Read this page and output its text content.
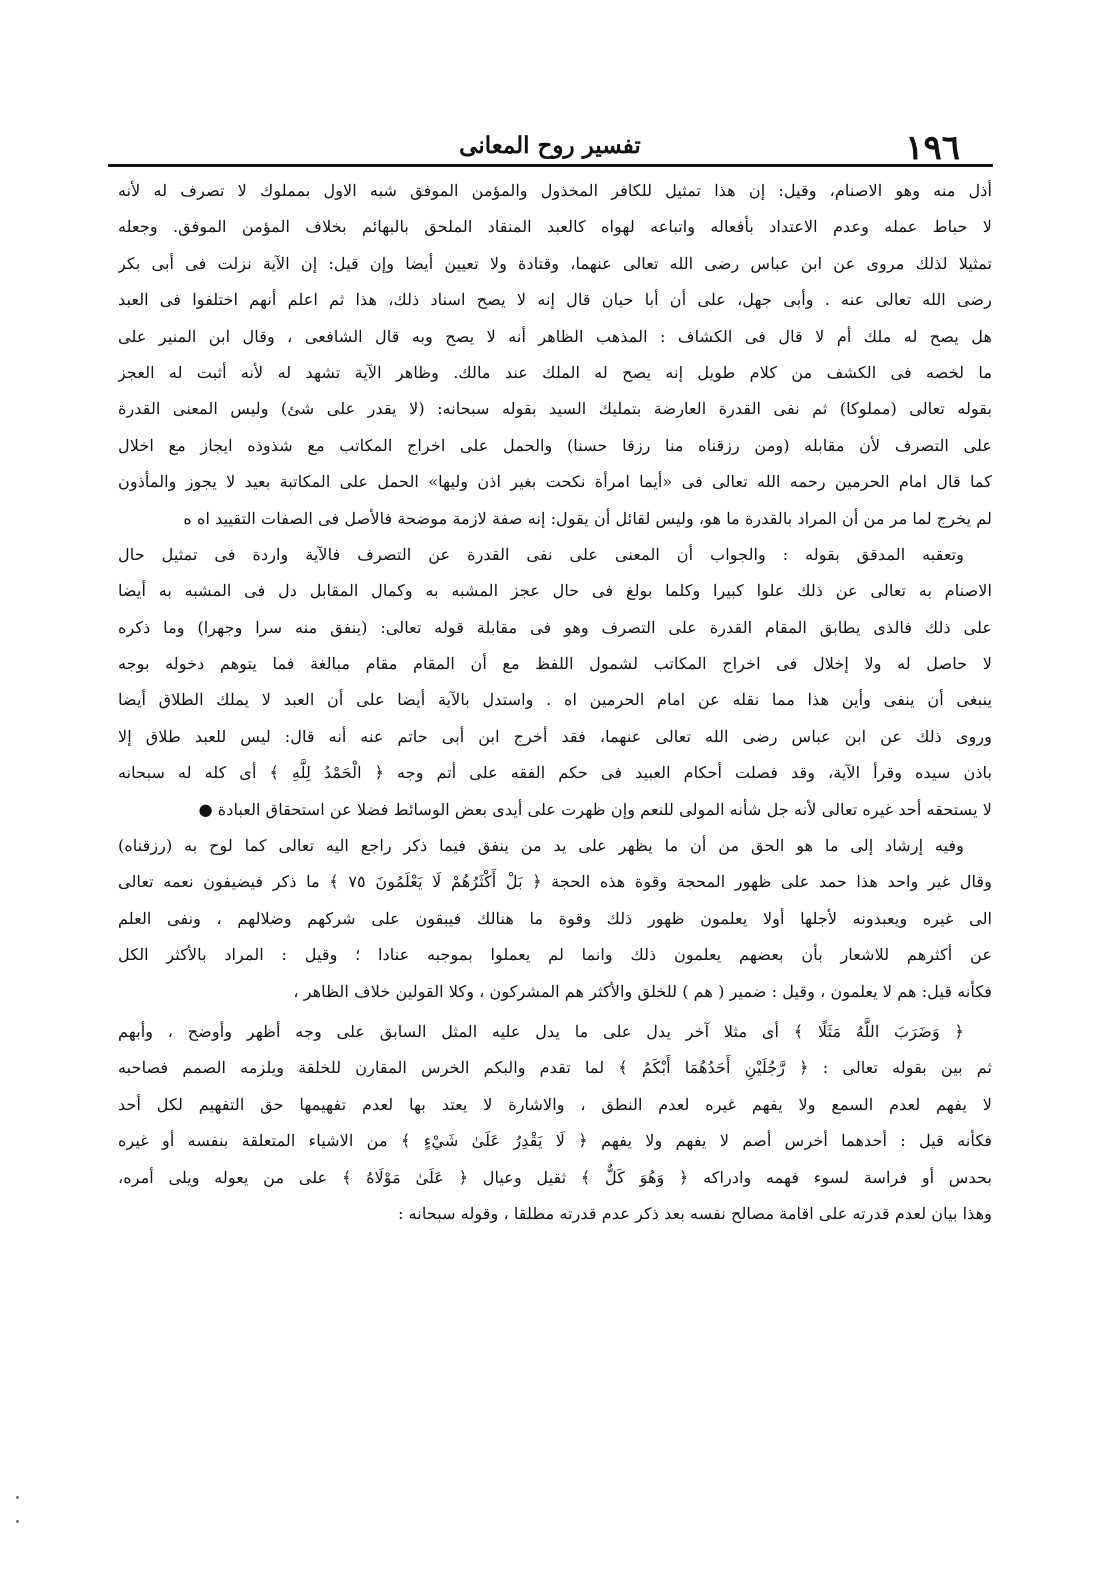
١٩٦
تفسير روح المعانى
أذل منه وهو الاصنام، وقيل: إن هذا تمثيل للكافر المخذول والمؤمن الموفق شبه الاول بمملوك لا تصرف له لأنه
لا حباط عمله وعدم الاعتداد بأفعاله واتباعه لهواه كالعبد المنقاد الملحق بالبهائم بخلاف المؤمن الموفق. وجعله
تمثيلا لذلك مروى عن ابن عباس رضى الله تعالى عنهما، وقتادة ولا تعيين أيضا وإن قيل: إن الآية نزلت فى أبى بكر
رضى الله تعالى عنه . وأبى جهل، على أن أبا حيان قال إنه لا يصح اسناد ذلك، هذا ثم اعلم أنهم اختلفوا فى العبد
هل يصح له ملك أم لا قال فى الكشاف : المذهب الظاهر أنه لا يصح وبه قال الشافعى ، وقال ابن المنير على
ما لخصه فى الكشف من كلام طويل إنه يصح له الملك عند مالك. وظاهر الآية تشهد له لأنه أثبت له العجز
بقوله تعالى (مملوكا) ثم نفى القدرة العارضة بتمليك السيد بقوله سبحانه: (لا يقدر على شئ) وليس المعنى القدرة
على التصرف لأن مقابله (ومن رزقناه منا رزقا حسنا) والحمل على اخراج المكاتب مع شذوذه ايجاز مع اخلال
كما قال امام الحرمين رحمه الله تعالى فى «أيما امرأة نكحت بغير اذن وليها» الحمل على المكاتبة بعيد لا يجوز والمأذون
لم يخرج لما مر من أن المراد بالقدرة ما هو، وليس لقائل أن يقول: إنه صفة لازمة موضحة فالأصل فى الصفات التقييد اه ه
وتعقبه المدقق بقوله : والجواب أن المعنى على نفى القدرة عن التصرف فالآية واردة فى تمثيل حال
الاصنام به تعالى عن ذلك علوا كبيرا وكلما بولغ فى حال عجز المشبه به وكمال المقابل دل فى المشبه به أيضا
على ذلك فالذى يطابق المقام القدرة على التصرف وهو فى مقابلة قوله تعالى: (ينفق منه سرا وجهرا) وما ذكره
لا حاصل له ولا إخلال فى اخراج المكاتب لشمول اللفظ مع أن المقام مقام مبالغة فما يتوهم دخوله بوجه
ينبغى أن ينفى وأين هذا مما نقله عن امام الحرمين اه . واستدل بالآية أيضا على أن العبد لا يملك الطلاق أيضا
وروى ذلك عن ابن عباس رضى الله تعالى عنهما، فقد أخرج ابن أبى حاتم عنه أنه قال: ليس للعبد طلاق إلا
باذن سيده وقرأ الآية، وقد فصلت أحكام العبيد فى حكم الفقه على أتم وجه ﴿ الْحَمْدُ لِلَّهِ ﴾ أى كله له سبحانه
لا يستحقه أحد غيره تعالى لأنه جل شأنه المولى للنعم وإن ظهرت على أيدى بعض الوسائط فضلا عن استحقاق العبادة ●
وفيه إرشاد إلى ما هو الحق من أن ما يظهر على يد من ينفق فيما ذكر راجع اليه تعالى كما لوح به (رزقناه)
وقال غير واحد هذا حمد على ظهور المحجة وقوة هذه الحجة ﴿ بَلْ أَكْثَرُهُمْ لَا يَعْلَمُونَ ٧٥ ﴾ ما ذكر فيضيفون نعمه تعالى
الى غيره ويعبدونه لأجلها أولا يعلمون ظهور ذلك وقوة ما هنالك فيبقون على شركهم وضلالهم ، ونفى العلم
عن أكثرهم للاشعار بأن بعضهم يعلمون ذلك وانما لم يعملوا بموجبه عنادا ؛ وقيل : المراد بالأكثر الكل
فكأنه قيل: هم لا يعلمون ، وقيل : ضمير ( هم ) للخلق والأكثر هم المشركون ، وكلا القولين خلاف الظاهر ،
﴿ وَضَرَبَ اللَّهُ مَثَلًا ﴾ أى مثلا آخر يدل على ما يدل عليه المثل السابق على وجه أظهر وأوضح ، وأبهم
ثم بين بقوله تعالى : ﴿ رَّجُلَيْنِ أَحَدُهُمَا أَبْكَمُ ﴾ لما تقدم والبكم الخرس المقارن للخلقة ويلزمه الصمم فصاحبه
لا يفهم لعدم السمع ولا يفهم غيره لعدم النطق ، والاشارة لا يعتد بها لعدم تفهيمها حق التفهيم لكل أحد
فكأنه قيل : أحدهما أخرس أصم لا يفهم ولا يفهم ﴿ لَا يَقْدِرُ عَلَىٰ شَيْءٍ ﴾ من الاشياء المتعلقة بنفسه أو غيره
بحدس أو فراسة لسوء فهمه وادراكه ﴿ وَهُوَ كَلٌّ ﴾ ثقيل وعيال ﴿ عَلَىٰ مَوْلَاهُ ﴾ على من يعوله ويلى أمره،
وهذا بيان لعدم قدرته على اقامة مصالح نفسه بعد ذكر عدم قدرته مطلقا ، وقوله سبحانه :
